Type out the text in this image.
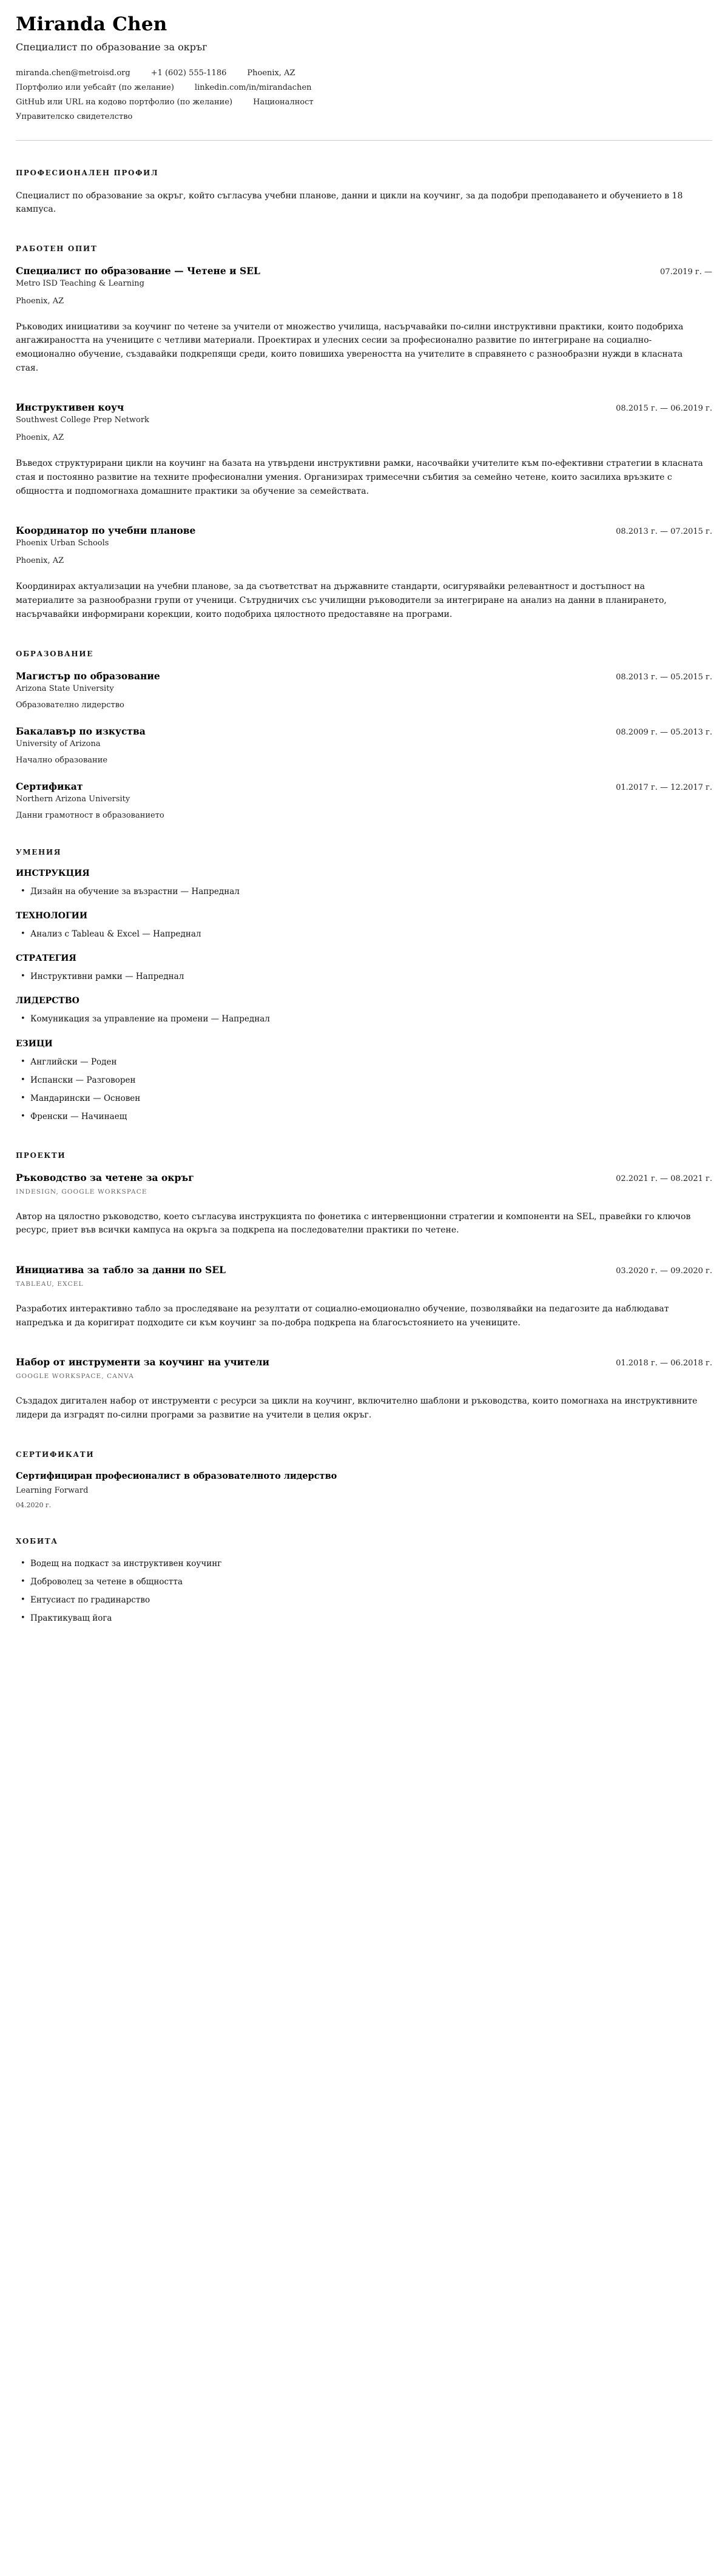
Miranda Chen
Специалист по образование за окръг
miranda.chen@metroisd.org	+1 (602) 555-1186	Phoenix, AZ
Портфолио или уебсайт (по желание)	linkedin.com/in/mirandachen
GitHub или URL на кодово портфолио (по желание)	Националност
Управителско свидетелство
ПРОФЕСИОНАЛЕН ПРОФИЛ

Специалист по образование за окръг, който съгласува учебни планове, данни и цикли на коучинг, за да подобри преподаването и обучението в 18 кампуса.

РАБОТЕН ОПИТ
Специалист по образование — Четене и SEL	07.2019 г. —
Metro ISD Teaching & Learning
Phoenix, AZ

Ръководих инициативи за коучинг по четене за учители от множество училища, насърчавайки по-силни инструктивни практики, които подобриха ангажираността на учениците с четливи материали. Проектирах и улесних сесии за професионално развитие по интегриране на социално-емоционално обучение, създавайки подкрепящи среди, които повишиха увереността на учителите в справянето с разнообразни нужди в класната стая.

Инструктивен коуч	08.2015 г. — 06.2019 г.
Southwest College Prep Network
Phoenix, AZ

Въведох структурирани цикли на коучинг на базата на утвърдени инструктивни рамки, насочвайки учителите към по-ефективни стратегии в класната стая и постоянно развитие на техните професионални умения. Организирах тримесечни събития за семейно четене, които засилиха връзките с общността и подпомогнаха домашните практики за обучение за семействата.

Координатор по учебни планове	08.2013 г. — 07.2015 г.
Phoenix Urban Schools
Phoenix, AZ

Координирах актуализации на учебни планове, за да съответстват на държавните стандарти, осигурявайки релевантност и достъпност на материалите за разнообразни групи от ученици. Сътрудничих със училищни ръководители за интегриране на анализ на данни в планирането, насърчавайки информирани корекции, които подобриха цялостното предоставяне на програми.

ОБРАЗОВАНИЕ
Магистър по образование	08.2013 г. — 05.2015 г.
Arizona State University
Образователно лидерство
Бакалавър по изкуства	08.2009 г. — 05.2013 г.
University of Arizona
Начално образование
Сертификат	01.2017 г. — 12.2017 г.
Northern Arizona University
Данни грамотност в образованието
УМЕНИЯ
ИНСТРУКЦИЯ
• Дизайн на обучение за възрастни — Напреднал
ТЕХНОЛОГИИ
• Анализ с Tableau & Excel — Напреднал
СТРАТЕГИЯ
• Инструктивни рамки — Напреднал
ЛИДЕРСТВО
• Комуникация за управление на промени — Напреднал
ЕЗИЦИ
• Английски — Роден
• Испански — Разговорен
• Мандарински — Основен
• Френски — Начинаещ
ПРОЕКТИ
Ръководство за четене за окръг	02.2021 г. — 08.2021 г.
INDESIGN, GOOGLE WORKSPACE

Автор на цялостно ръководство, което съгласува инструкцията по фонетика с интервенционни стратегии и компоненти на SEL, правейки го ключов ресурс, приет във всички кампуса на окръга за подкрепа на последователни практики по четене.

Инициатива за табло за данни по SEL	03.2020 г. — 09.2020 г.
TABLEAU, EXCEL

Разработих интерактивно табло за проследяване на резултати от социално-емоционално обучение, позволявайки на педагозите да наблюдават напредъка и да коригират подходите си към коучинг за по-добра подкрепа на благосъстоянието на учениците.

Набор от инструменти за коучинг на учители	01.2018 г. — 06.2018 г.
GOOGLE WORKSPACE, CANVA

Създадох дигитален набор от инструменти с ресурси за цикли на коучинг, включително шаблони и ръководства, които помогнаха на инструктивните лидери да изградят по-силни програми за развитие на учители в целия окръг.

СЕРТИФИКАТИ
Сертифициран професионалист в образователното лидерство
Learning Forward
04.2020 г.
ХОБИТА
• Водещ на подкаст за инструктивен коучинг
• Доброволец за четене в общността
• Ентусиаст по градинарство
• Практикуващ йога
